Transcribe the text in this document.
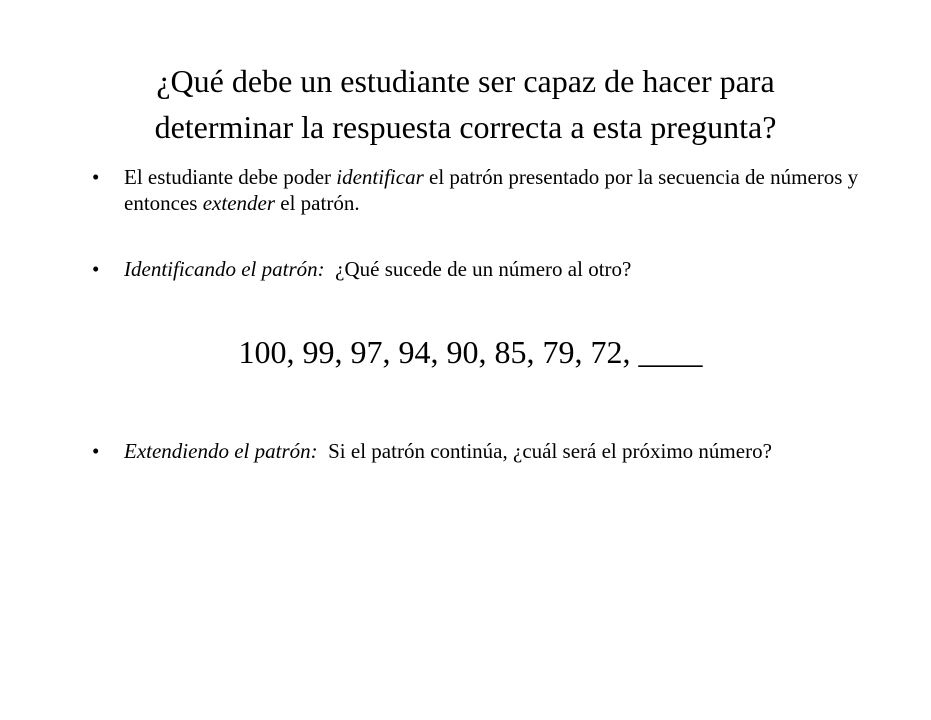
¿Qué debe un estudiante ser capaz de hacer para
determinar la respuesta correcta a esta pregunta?
•	El estudiante debe poder identificar el patrón presentado por la secuencia de números y entonces extender el patrón.
•	Identificando el patrón:  ¿Qué sucede de un número al otro?
100, 99, 97, 94, 90, 85, 79, 72, ____
•	Extendiendo el patrón:  Si el patrón continúa, ¿cuál será el próximo número?
